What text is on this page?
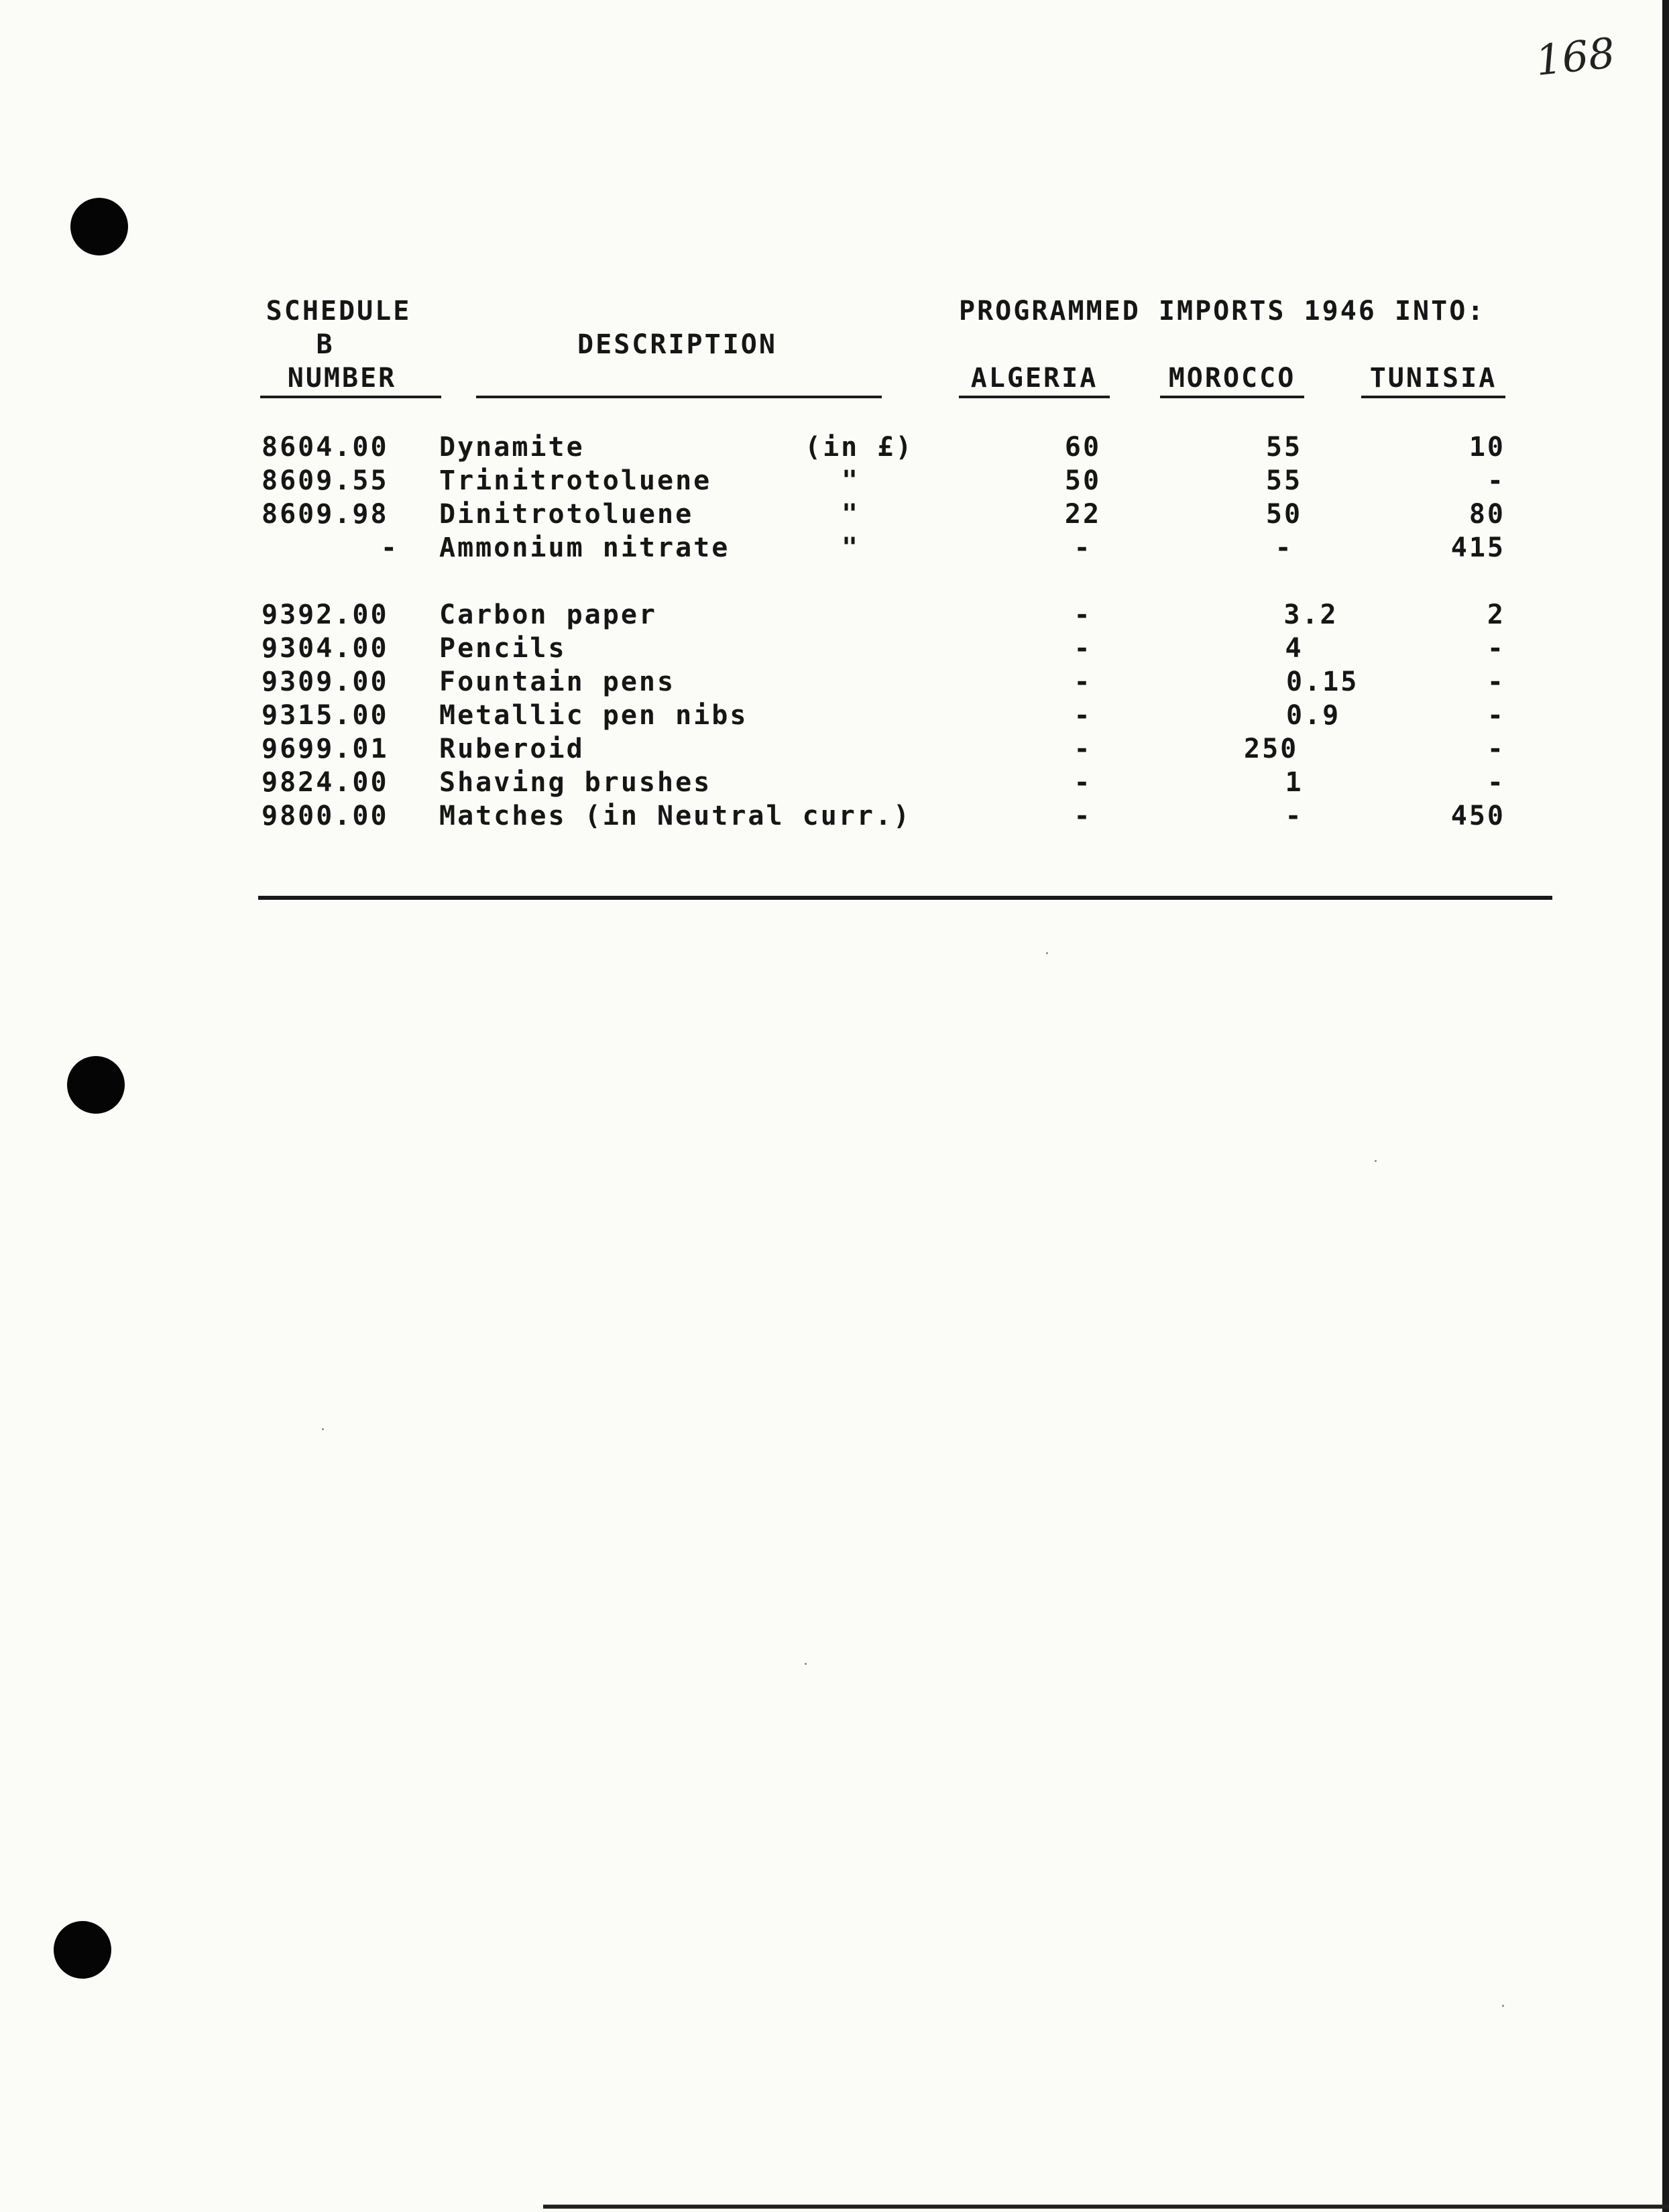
168
SCHEDULE
B
NUMBER
DESCRIPTION
PROGRAMMED IMPORTS 1946 INTO:
ALGERIA	MOROCCO	TUNISIA
8604.00 Dynamite	(in £)	60	55	10
8609.55 Trinitrotoluene	"	50	55	-
8609.98 Dinitrotoluene	"	22	50	80
- Ammonium nitrate	"	-	-	415
9392.00 Carbon paper	-	3.2	2
9304.00 Pencils	-	4	-
9309.00 Fountain pens	-	0.15	-
9315.00 Metallic pen nibs	-	0.9	-
9699.01 Ruberoid	-	250	-
9824.00 Shaving brushes	-	1	-
9800.00 Matches (in Neutral curr.)	-	-	450
